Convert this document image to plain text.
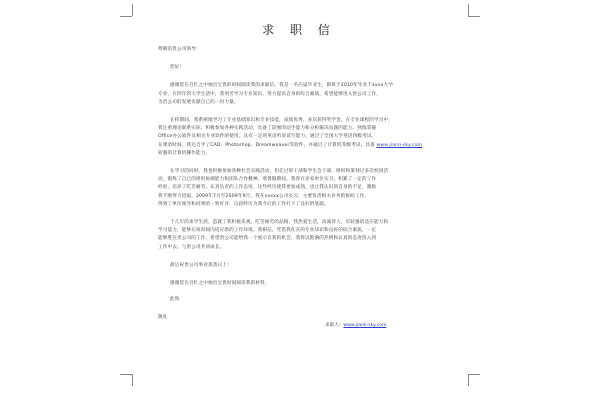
求 职 信
尊敬的贵公司领导：
您好！
感谢您在百忙之中抽出宝贵的时间阅读我的求职信，我是一名应届毕业生，即将于2010年毕业于xxxx大学
专业，在四年的大学生活中，我刻苦学习专业知识，努力提高自身的综合素质，希望能够进入贵公司工作，
为贵公司的发展贡献自己的一份力量。
在校期间，我系统地学习了专业基础知识和专业技能，成绩优秀，多次获得奖学金。在专业课程的学习中，
我注重理论联系实际，积极参加各种实践活动，具备了较强的动手能力和分析解决问题的能力。熟练掌握
Office办公软件及相关专业软件的使用，具有一定的英语听说读写能力，通过了全国大学英语四级考试。
在课余时间，我还自学了CAD、Photoshop、Dreamweaver等软件，并通过了计算机等级考试，具备 www.jianli-sky.com
较强的计算机操作能力。
在学习的同时，我也积极参加各种社会实践活动，担任过班干部和学生会干部，组织和策划过多次校园活
动，锻炼了自己的组织协调能力和团队合作精神。寒暑假期间，我曾在多家单位实习，积累了一定的工作
经验，培养了吃苦耐劳、认真负责的工作态度。这些经历使我更加成熟，也让我认识到自身的不足，激励
我不断努力进取。2009年7月至2009年9月，我在xxxxx公司实习，主要负责相关业务的协助工作，
得到了单位领导和同事的一致好评，这段经历为我今后的工作打下了良好的基础。
十几年的求学生涯，造就了我积极乐观、吃苦耐劳的品格，我热爱生活，真诚待人，有较强的适应能力和
学习能力，能够在短时间内适应新的工作环境。我相信，凭借我扎实的专业知识和良好的综合素质，一定
能够胜任贵公司的工作。希望贵公司能给我一个展示自我的机会，我将以饱满的热情和认真的态度投入到
工作中去，与贵公司共同成长。
最后祝贵公司事业蒸蒸日上！
感谢您在百忙之中抽出宝贵时间阅读我的材料。
此致
敬礼
求职人：www.jianli-sky.com
